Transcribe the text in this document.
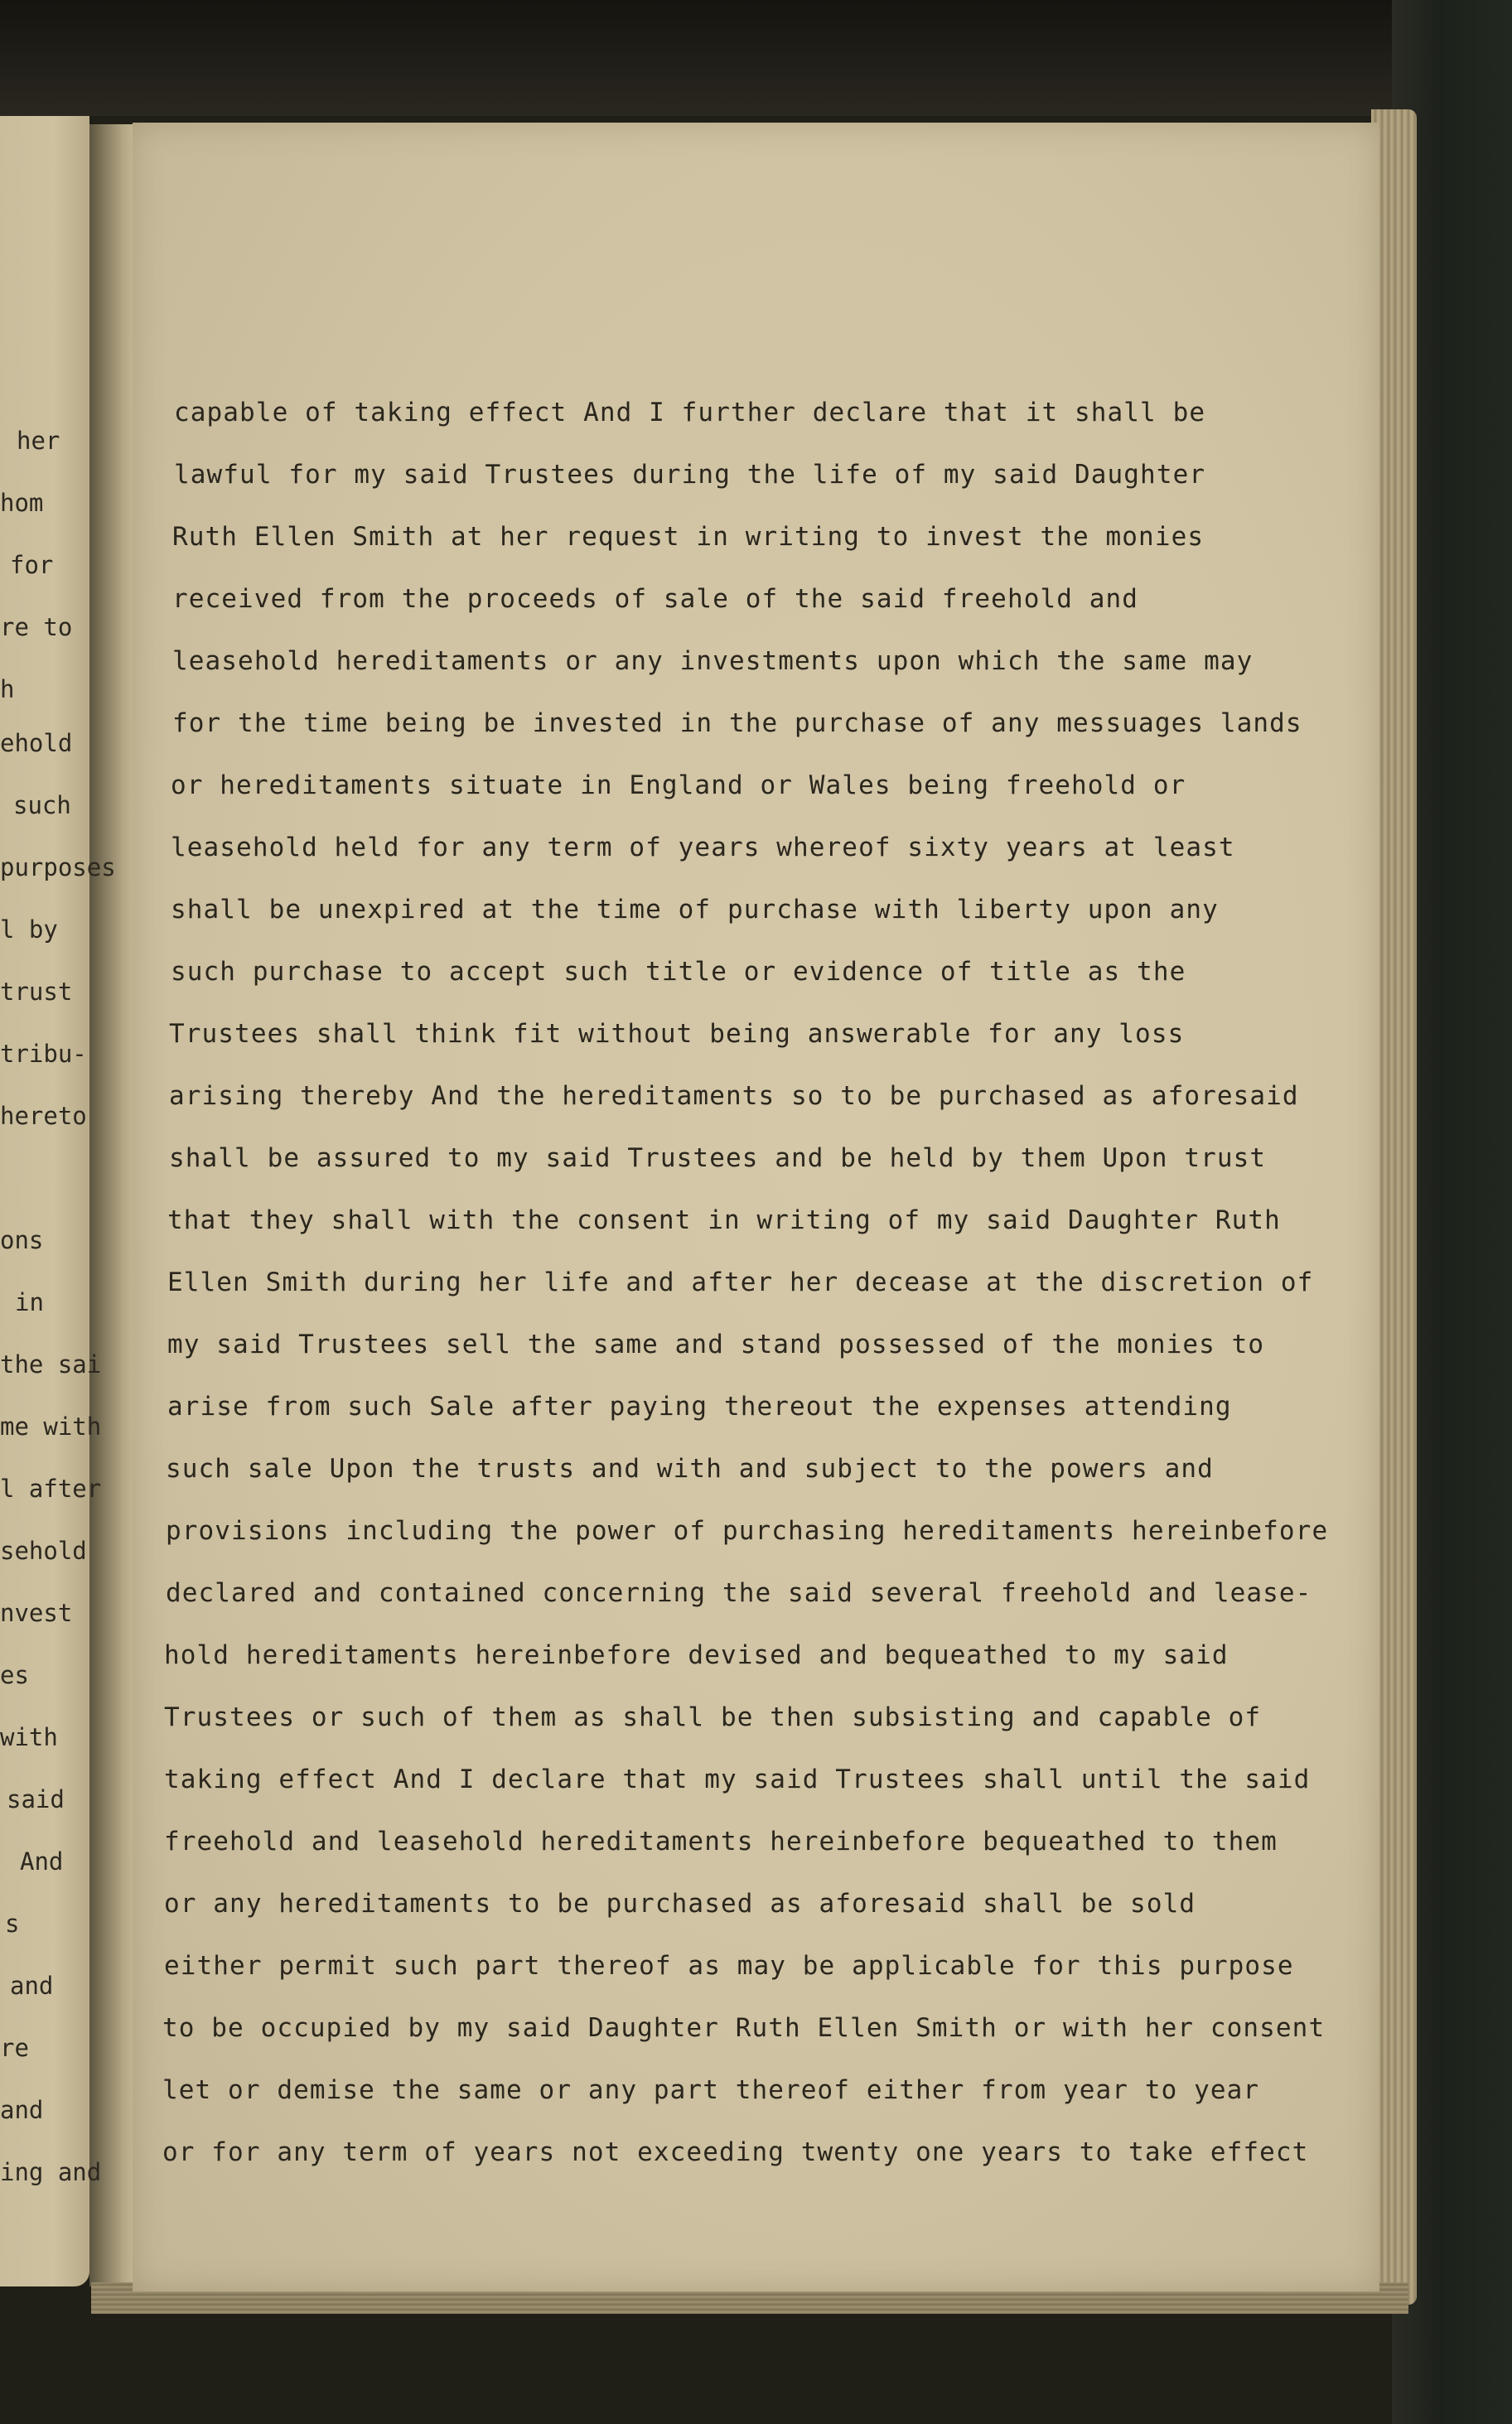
her

hom

for

re to

h

ehold

such

purposes

l by

trust

tribu-

hereto

ons

in

the sai

me with

l after

sehold

nvest

es

with

said

And

s

and

re

and

ing and

capable of taking effect And I further declare that it shall be

lawful for my said Trustees during the life of my said Daughter

Ruth Ellen Smith at her request in writing to invest the monies

received from the proceeds of sale of the said freehold and

leasehold hereditaments or any investments upon which the same may

for the time being be invested in the purchase of any messuages lands

or hereditaments situate in England or Wales being freehold or

leasehold held for any term of years whereof sixty years at least

shall be unexpired at the time of purchase with liberty upon any

such purchase to accept such title or evidence of title as the

Trustees shall think fit without being answerable for any loss

arising thereby And the hereditaments so to be purchased as aforesaid

shall be assured to my said Trustees and be held by them Upon trust

that they shall with the consent in writing of my said Daughter Ruth

Ellen Smith during her life and after her decease at the discretion of

my said Trustees sell the same and stand possessed of the monies to

arise from such Sale after paying thereout the expenses attending

such sale Upon the trusts and with and subject to the powers and

provisions including the power of purchasing hereditaments hereinbefore

declared and contained concerning the said several freehold and lease-

hold hereditaments hereinbefore devised and bequeathed to my said

Trustees or such of them as shall be then subsisting and capable of

taking effect And I declare that my said Trustees shall until the said

freehold and leasehold hereditaments hereinbefore bequeathed to them

or any hereditaments to be purchased as aforesaid shall be sold

either permit such part thereof as may be applicable for this purpose

to be occupied by my said Daughter Ruth Ellen Smith or with her consent

let or demise the same or any part thereof either from year to year

or for any term of years not exceeding twenty one years to take effect
